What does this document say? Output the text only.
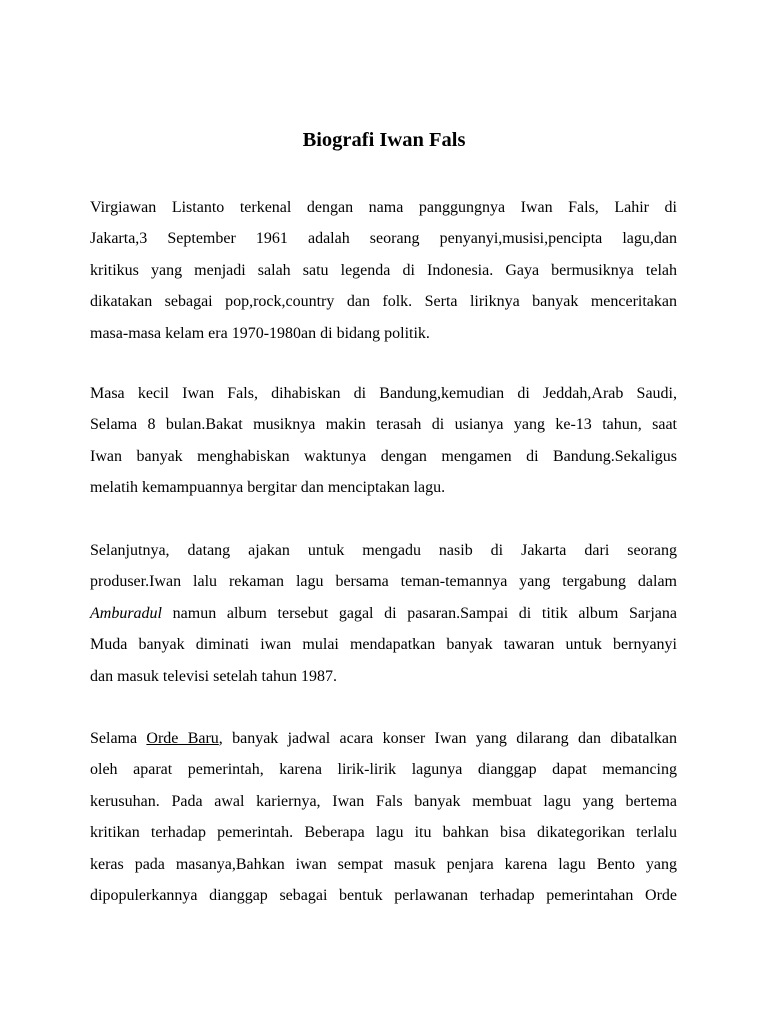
Biografi Iwan Fals
Virgiawan Listanto terkenal dengan nama panggungnya Iwan Fals, Lahir di
Jakarta,3 September 1961 adalah seorang penyanyi,musisi,pencipta lagu,dan
kritikus yang menjadi salah satu legenda di Indonesia. Gaya bermusiknya telah
dikatakan sebagai pop,rock,country dan folk. Serta liriknya banyak menceritakan
masa-masa kelam era 1970-1980an di bidang politik.
Masa kecil Iwan Fals, dihabiskan di Bandung,kemudian di Jeddah,Arab Saudi,
Selama 8 bulan.Bakat musiknya makin terasah di usianya yang ke-13 tahun, saat
Iwan banyak menghabiskan waktunya dengan mengamen di Bandung.Sekaligus
melatih kemampuannya bergitar dan menciptakan lagu.
Selanjutnya, datang ajakan untuk mengadu nasib di Jakarta dari seorang
produser.Iwan lalu rekaman lagu bersama teman-temannya yang tergabung dalam
Amburadul namun album tersebut gagal di pasaran.Sampai di titik album Sarjana
Muda banyak diminati iwan mulai mendapatkan banyak tawaran untuk bernyanyi
dan masuk televisi setelah tahun 1987.
Selama Orde Baru, banyak jadwal acara konser Iwan yang dilarang dan dibatalkan
oleh aparat pemerintah, karena lirik-lirik lagunya dianggap dapat memancing
kerusuhan. Pada awal kariernya, Iwan Fals banyak membuat lagu yang bertema
kritikan terhadap pemerintah. Beberapa lagu itu bahkan bisa dikategorikan terlalu
keras pada masanya,Bahkan iwan sempat masuk penjara karena lagu Bento yang
dipopulerkannya dianggap sebagai bentuk perlawanan terhadap pemerintahan Orde
